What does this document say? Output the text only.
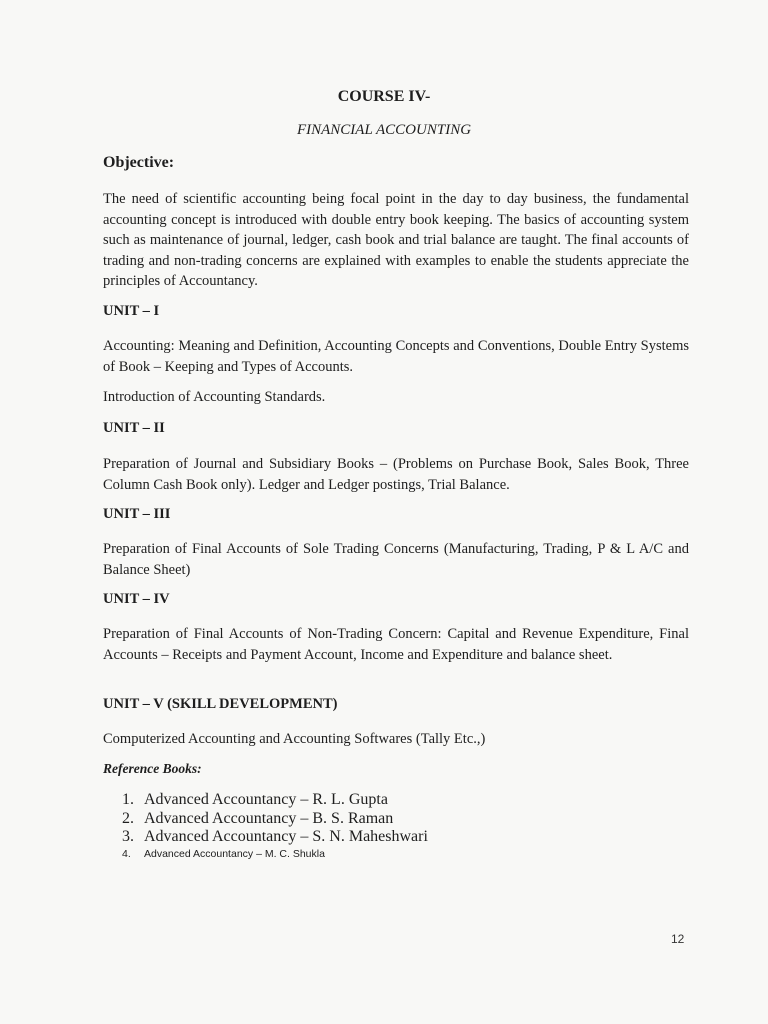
COURSE IV-
FINANCIAL ACCOUNTING
Objective:
The need of scientific accounting being focal point in the day to day business, the fundamental accounting concept is introduced with double entry book keeping. The basics of accounting system such as maintenance of journal, ledger, cash book and trial balance are taught. The final accounts of trading and non-trading concerns are explained with examples to enable the students appreciate the principles of Accountancy.
UNIT – I
Accounting: Meaning and Definition, Accounting Concepts and Conventions, Double Entry Systems of Book – Keeping and Types of Accounts.
Introduction of Accounting Standards.
UNIT – II
Preparation of Journal and Subsidiary Books – (Problems on Purchase Book, Sales Book, Three Column Cash Book only). Ledger and Ledger postings, Trial Balance.
UNIT – III
Preparation of Final Accounts of Sole Trading Concerns (Manufacturing, Trading, P & L A/C and Balance Sheet)
UNIT – IV
Preparation of Final Accounts of Non-Trading Concern: Capital and Revenue Expenditure, Final Accounts – Receipts and Payment Account, Income and Expenditure and balance sheet.
UNIT – V (SKILL DEVELOPMENT)
Computerized Accounting and Accounting Softwares (Tally Etc.,)
Reference Books:
1. Advanced Accountancy – R. L. Gupta
2. Advanced Accountancy – B. S. Raman
3. Advanced Accountancy – S. N. Maheshwari
4. Advanced Accountancy – M. C. Shukla
12
